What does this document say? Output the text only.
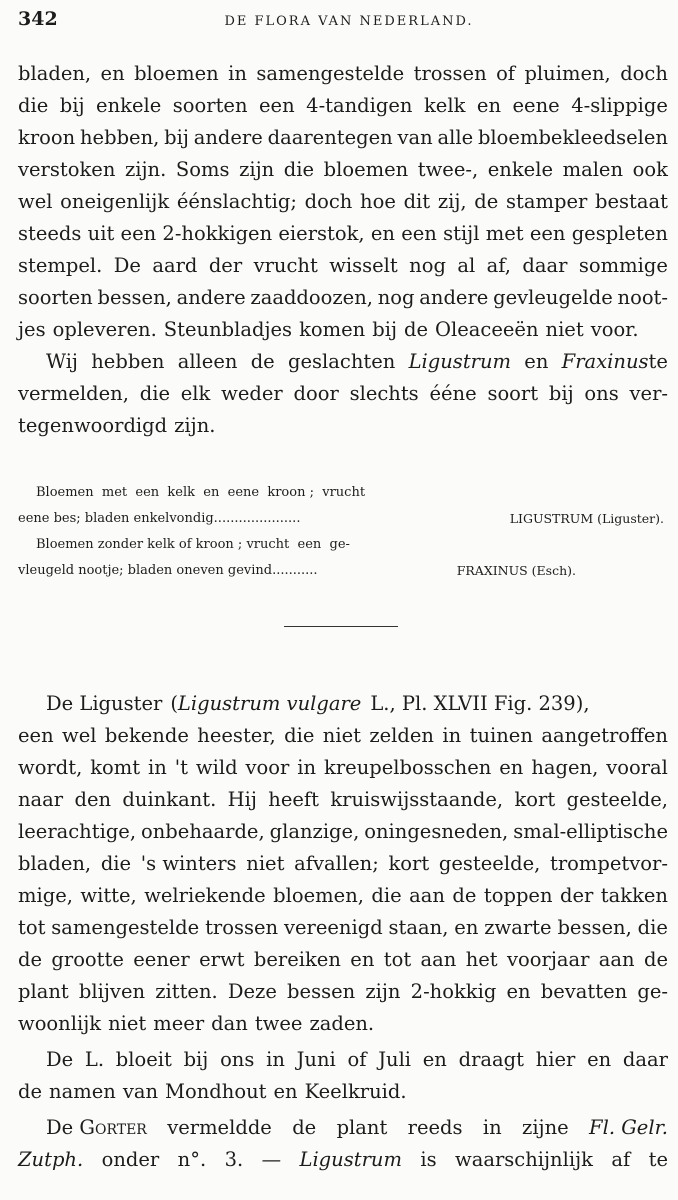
342	DE FLORA VAN NEDERLAND.
bladen, en bloemen in samengestelde trossen of pluimen, doch
die bij enkele soorten een 4-tandigen kelk en eene 4-slippige
kroon hebben, bij andere daarentegen van alle bloembekleedselen
verstoken zijn. Soms zijn die bloemen twee-, enkele malen ook
wel oneigenlijk éénslachtig; doch hoe dit zij, de stamper bestaat
steeds uit een 2-hokkigen eierstok, en een stijl met een gespleten
stempel. De aard der vrucht wisselt nog al af, daar sommige
soorten bessen, andere zaaddoozen, nog andere gevleugelde noot-
jes opleveren. Steunbladjes komen bij de Oleaceeën niet voor.
Wij hebben alleen de geslachten Ligustrum en Fraxinuste
vermelden, die elk weder door slechts ééne soort bij ons ver-
tegenwoordigd zijn.
Bloemen  met  een  kelk  en  eene  kroon ;  vrucht
eene bes; bladen enkelvondig.....................	LIGUSTRUM (Liguster).
Bloemen zonder kelk of kroon ; vrucht  een  ge-
vleugeld nootje; bladen oneven gevind...........	FRAXINUS (Esch).
De Liguster ( Ligustrum vulgare L., Pl. XLVII Fig. 239),
een wel bekende heester, die niet zelden in tuinen aangetroffen
wordt, komt in 't wild voor in kreupelbosschen en hagen, vooral
naar den duinkant. Hij heeft kruiswijsstaande, kort gesteelde,
leerachtige, onbehaarde, glanzige, oningesneden, smal-elliptische
bladen, die 's winters niet afvallen; kort gesteelde, trompetvor-
mige, witte, welriekende bloemen, die aan de toppen der takken
tot samengestelde trossen vereenigd staan, en zwarte bessen, die
de grootte eener erwt bereiken en tot aan het voorjaar aan de
plant blijven zitten. Deze bessen zijn 2-hokkig en bevatten ge-
woonlijk niet meer dan twee zaden.
De L. bloeit bij ons in Juni of Juli en draagt hier en daar
de namen van Mondhout en Keelkruid.
De Gorter vermeldde de plant reeds in zijne Fl. Gelr.
Zutph. onder n°. 3. — Ligustrum is waarschijnlijk af te
